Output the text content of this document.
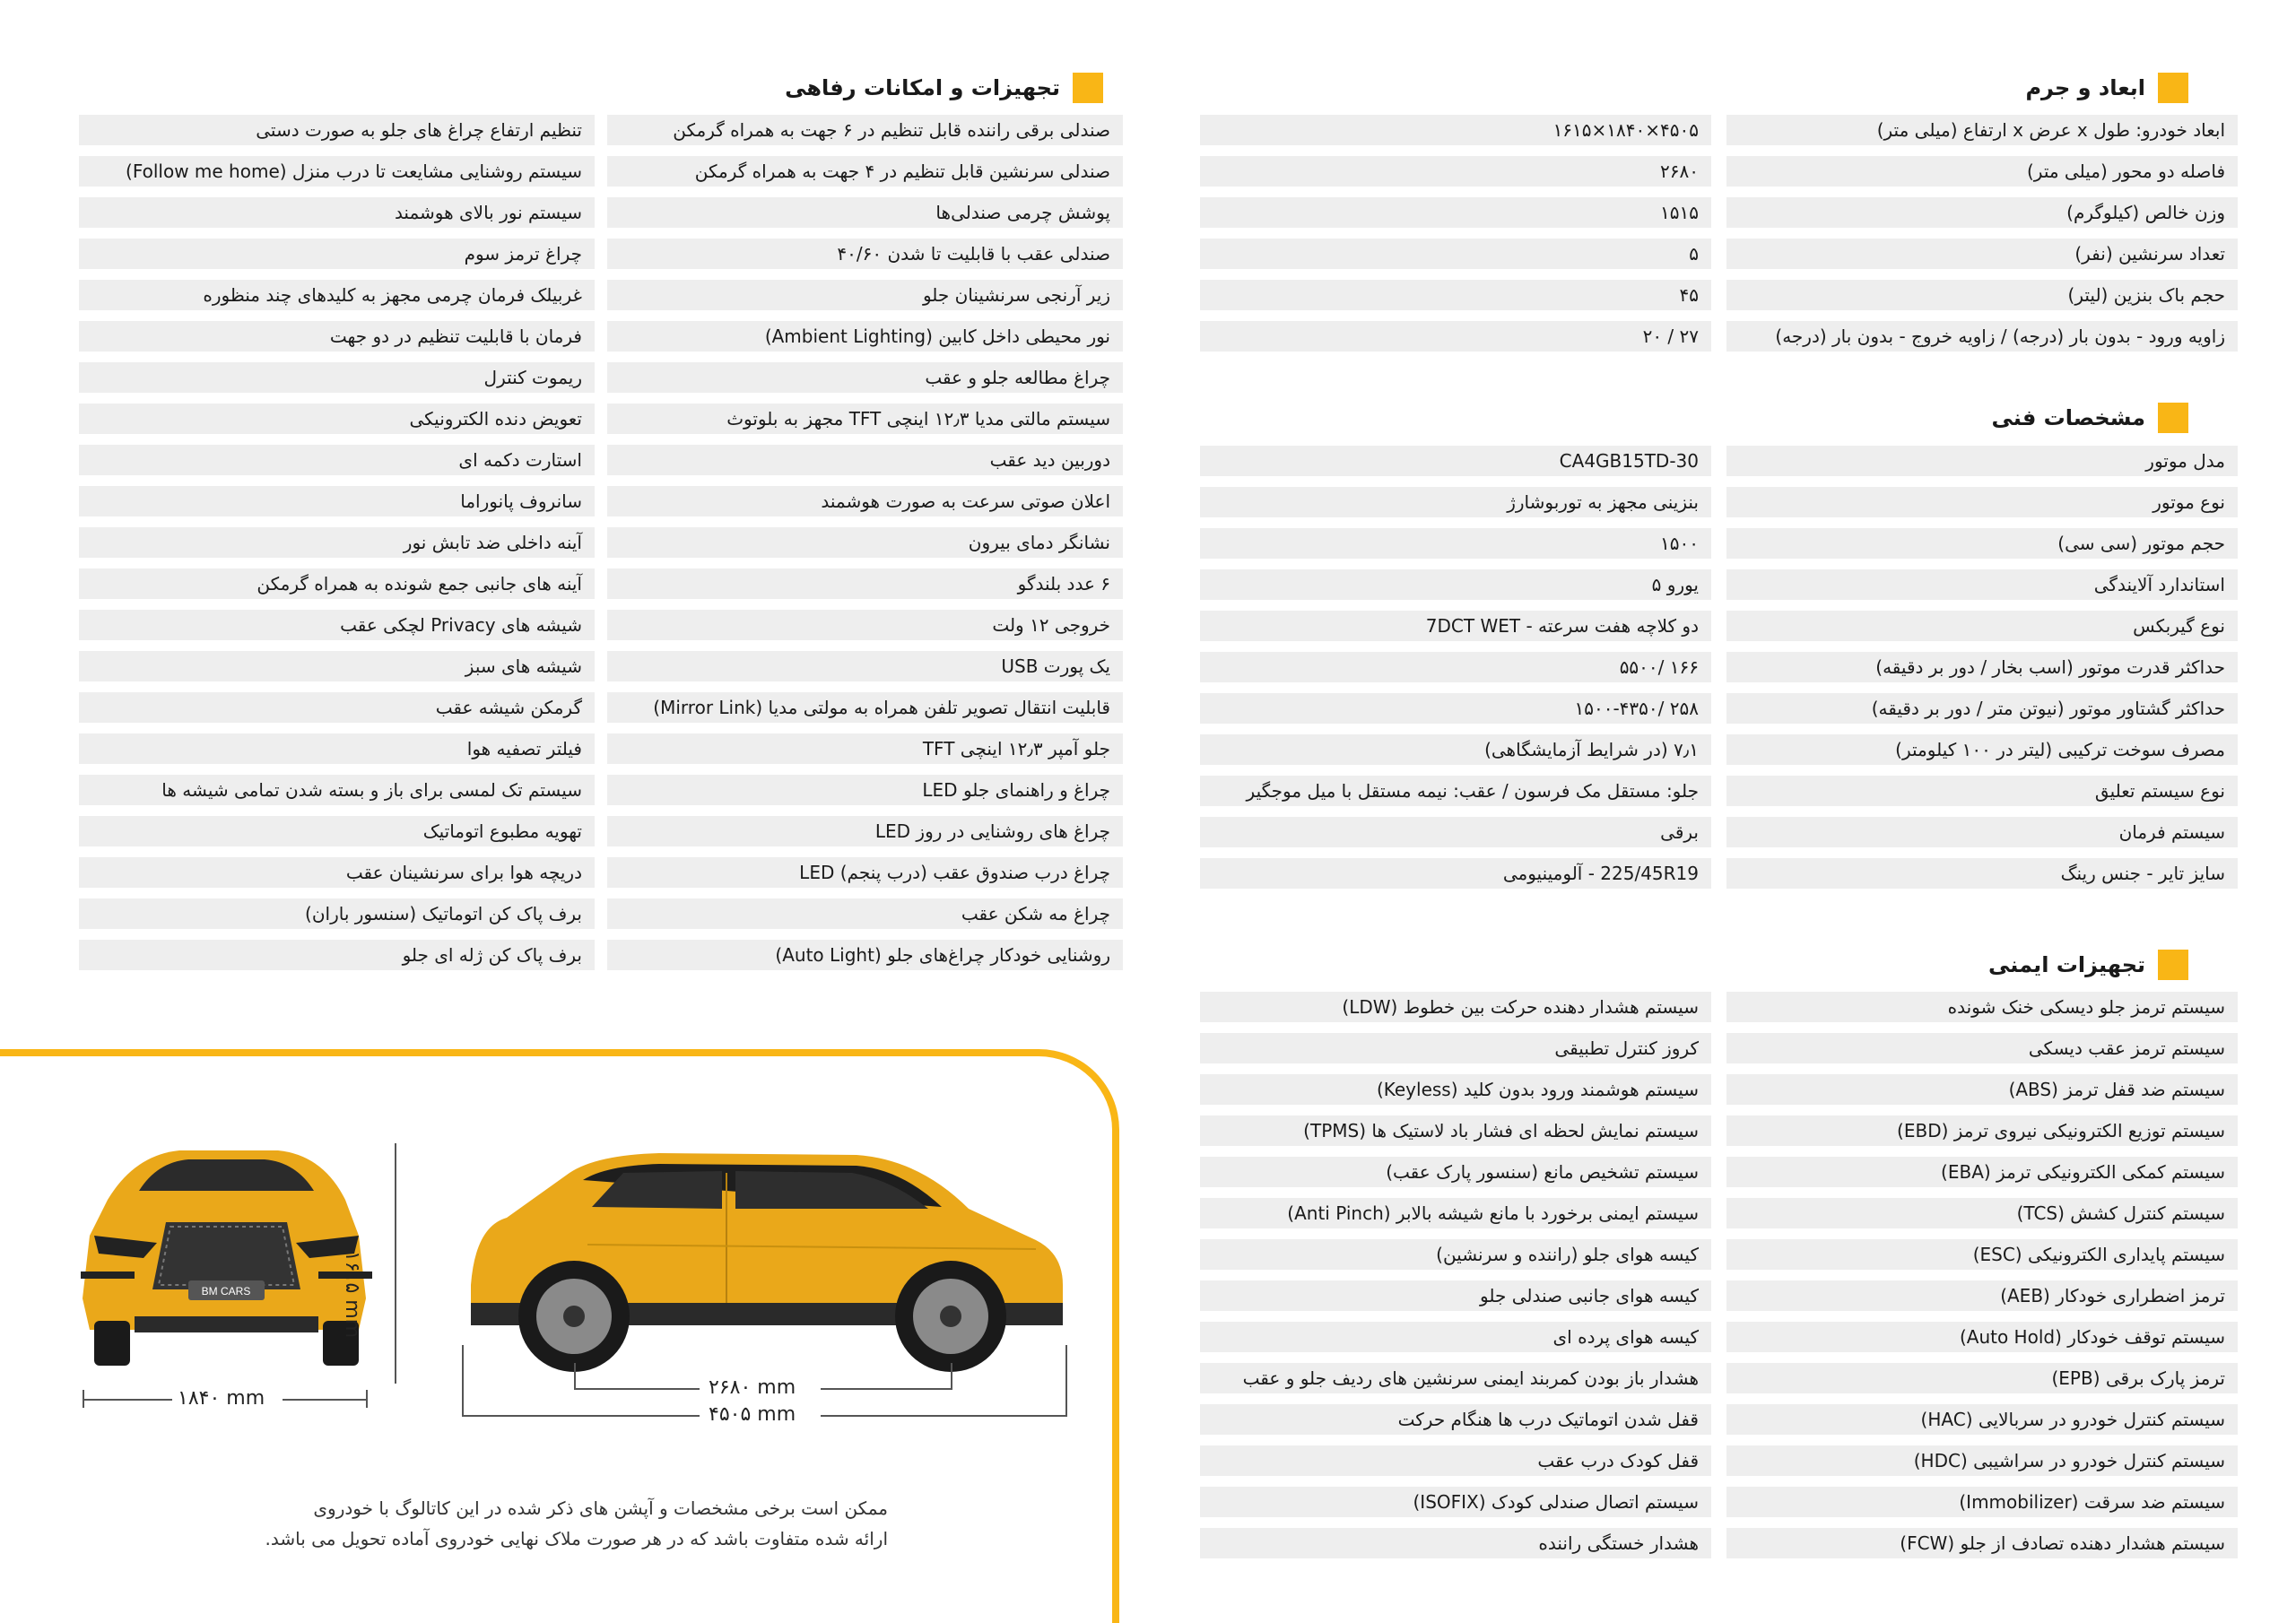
ابعاد و جرم
مشخصات فنی
تجهیزات ایمنی
تجهیزات و امکانات رفاهی
ابعاد خودرو: طول x عرض x ارتفاع (میلی متر)
۴۵۰۵×۱۸۴۰×۱۶۱۵
فاصله دو محور (میلی متر)
۲۶۸۰
وزن خالص (کیلوگرم)
۱۵۱۵
تعداد سرنشین (نفر)
۵
حجم باک بنزین (لیتر)
۴۵
زاویه ورود - بدون بار (درجه) / زاویه خروج - بدون بار (درجه)
۲۷ / ۲۰
مدل موتور
CA4GB15TD-30
نوع موتور
بنزینی مجهز به توربوشارژ
حجم موتور (سی سی)
۱۵۰۰
استاندارد آلایندگی
یورو ۵
نوع گیربکس
دو کلاچه هفت سرعته - 7DCT WET
حداکثر قدرت موتور (اسب بخار / دور بر دقیقه)
۱۶۶ /۵۵۰۰
حداکثر گشتاور موتور (نیوتن متر / دور بر دقیقه)
۲۵۸ /۱۵۰۰-۴۳۵۰
مصرف سوخت ترکیبی (لیتر در ۱۰۰ کیلومتر)
۷٫۱ (در شرایط آزمایشگاهی)
نوع سیستم تعلیق
جلو: مستقل مک فرسون / عقب: نیمه مستقل با میل موجگیر
سیستم فرمان
برقی
سایز تایر - جنس رینگ
225/45R19 - آلومینیومی
سیستم ترمز جلو دیسکی خنک شونده
سیستم ترمز عقب دیسکی
سیستم ضد قفل ترمز (ABS)
سیستم توزیع الکترونیکی نیروی ترمز (EBD)
سیستم کمکی الکترونیکی ترمز (EBA)
سیستم کنترل کشش (TCS)
سیستم پایداری الکترونیکی (ESC)
ترمز اضطراری خودکار (AEB)
سیستم توقف خودکار (Auto Hold)
ترمز پارک برقی (EPB)
سیستم کنترل خودرو در سربالایی (HAC)
سیستم کنترل خودرو در سراشیبی (HDC)
سیستم ضد سرقت (Immobilizer)
سیستم هشدار دهنده تصادف از جلو (FCW)
سیستم هشدار دهنده حرکت بین خطوط (LDW)
کروز کنترل تطبیقی
سیستم هوشمند ورود بدون کلید (Keyless)
سیستم نمایش لحظه ای فشار باد لاستیک ها (TPMS)
سیستم تشخیص مانع (سنسور پارک عقب)
سیستم ایمنی برخورد با مانع شیشه بالابر (Anti Pinch)
کیسه هوای جلو (راننده و سرنشین)
کیسه هوای جانبی صندلی جلو
کیسه هوای پرده ای
هشدار باز بودن کمربند ایمنی سرنشین های ردیف جلو و عقب
قفل شدن اتوماتیک درب ها هنگام حرکت
قفل کودک درب عقب
سیستم اتصال صندلی کودک (ISOFIX)
هشدار خستگی راننده
صندلی برقی راننده قابل تنظیم در ۶ جهت به همراه گرمکن
صندلی سرنشین قابل تنظیم در ۴ جهت به همراه گرمکن
پوشش چرمی صندلی‌ها
صندلی عقب با قابلیت تا شدن ۴۰/۶۰
زیر آرنجی سرنشینان جلو
نور محیطی داخل کابین (Ambient Lighting)
چراغ مطالعه جلو و عقب
سیستم مالتی مدیا ۱۲٫۳ اینچی TFT مجهز به بلوتوث
دوربین دید عقب
اعلان صوتی سرعت به صورت هوشمند
نشانگر دمای بیرون
۶ عدد بلندگو
خروجی ۱۲ ولت
یک پورت USB
قابلیت انتقال تصویر تلفن همراه به مولتی مدیا (Mirror Link)
جلو آمپر ۱۲٫۳ اینچی TFT
چراغ و راهنمای جلو LED
چراغ های روشنایی در روز LED
چراغ درب صندوق عقب (درب پنجم) LED
چراغ مه شکن عقب
روشنایی خودکار چراغ‌های جلو (Auto Light)
تنظیم ارتفاع چراغ های جلو به صورت دستی
سیستم روشنایی مشایعت تا درب منزل (Follow me home)
سیستم نور بالای هوشمند
چراغ ترمز سوم
غربیلک فرمان چرمی مجهز به کلیدهای چند منظوره
فرمان با قابلیت تنظیم در دو جهت
ریموت کنترل
تعویض دنده الکترونیکی
استارت دکمه ای
سانروف پانوراما
آینه داخلی ضد تابش نور
آینه های جانبی جمع شونده به همراه گرمکن
شیشه های Privacy لچکی عقب
شیشه های سبز
گرمکن شیشه عقب
فیلتر تصفیه هوا
سیستم تک لمسی برای باز و بسته شدن تمامی شیشه ها
تهویه مطبوع اتوماتیک
دریچه هوا برای سرنشینان عقب
برف پاک کن اتوماتیک (سنسور باران)
برف پاک کن ژله ای جلو
BM CARS	۱۶۱۵ mm
۱۸۴۰ mm	۲۶۸۰ mm
۴۵۰۵ mm
ممکن است برخی مشخصات و آپشن های ذکر شده در این کاتالوگ با خودروی
ارائه شده متفاوت باشد که در هر صورت ملاک نهایی خودروی آماده تحویل می باشد.
